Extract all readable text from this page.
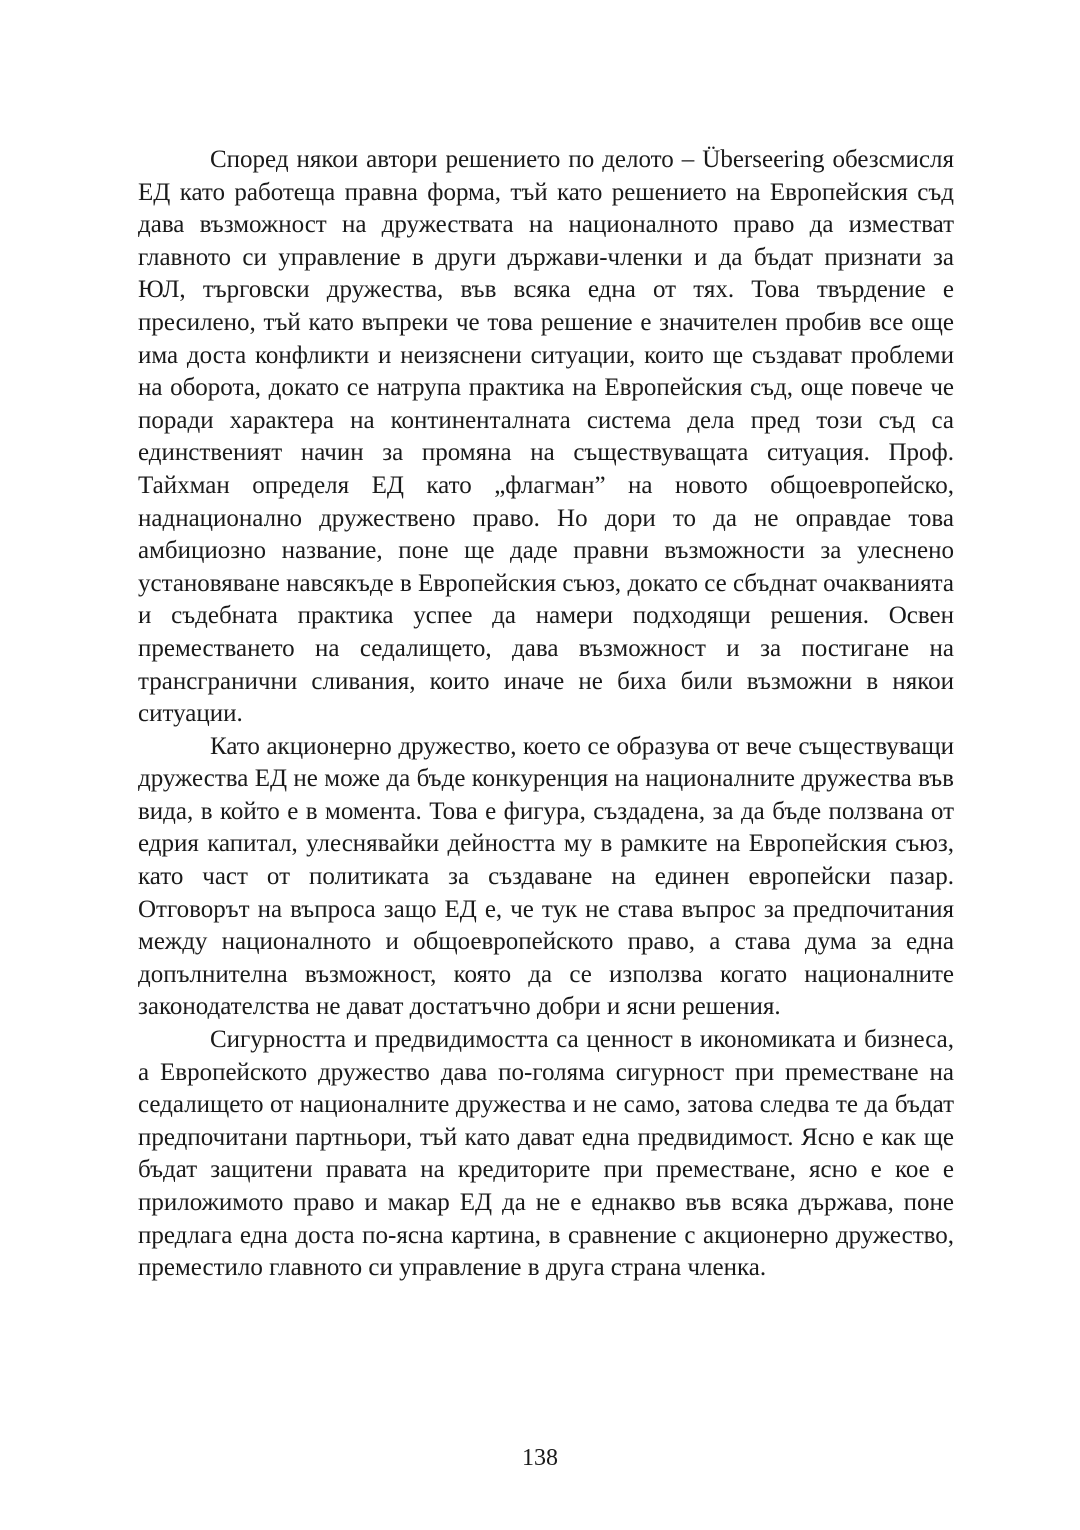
Според някои автори решението по делото – Überseering обезсмисля ЕД като работеща правна форма, тъй като решението на Европейския съд дава възможност на дружествата на националното право да изместват главното си управление в други държави-членки и да бъдат признати за ЮЛ, търговски дружества, във всяка една от тях. Това твърдение е пресилено, тъй като въпреки че това решение е значителен пробив все още има доста конфликти и неизяснени ситуации, които ще създават проблеми на оборота, докато се натрупа практика на Европейския съд, още повече че поради характера на континенталната система дела пред този съд са единственият начин за промяна на съществуващата ситуация. Проф. Тайхман определя ЕД като „флагман” на новото общоевропейско, наднационално дружествено право. Но дори то да не оправдае това амбициозно название, поне ще даде правни възможности за улеснено установяване навсякъде в Европейския съюз, докато се сбъднат очакванията и съдебната практика успее да намери подходящи решения. Освен преместването на седалището, дава възможност и за постигане на трансгранични сливания, които иначе не биха били възможни в някои ситуации.

Като акционерно дружество, което се образува от вече съществуващи дружества ЕД не може да бъде конкуренция на националните дружества във вида, в който е в момента. Това е фигура, създадена, за да бъде ползвана от едрия капитал, улеснявайки дейността му в рамките на Европейския съюз, като част от политиката за създаване на единен европейски пазар. Отговорът на въпроса защо ЕД е, че тук не става въпрос за предпочитания между националното и общоевропейското право, а става дума за една допълнителна възможност, която да се използва когато националните законодателства не дават достатъчно добри и ясни решения.

Сигурността и предвидимостта са ценност в икономиката и бизнеса, а Европейското дружество дава по-голяма сигурност при преместване на седалището от националните дружества и не само, затова следва те да бъдат предпочитани партньори, тъй като дават една предвидимост. Ясно е как ще бъдат защитени правата на кредиторите при преместване, ясно е кое е приложимото право и макар ЕД да не е еднакво във всяка държава, поне предлага една доста по-ясна картина, в сравнение с акционерно дружество, преместило главното си управление в друга страна членка.

138
